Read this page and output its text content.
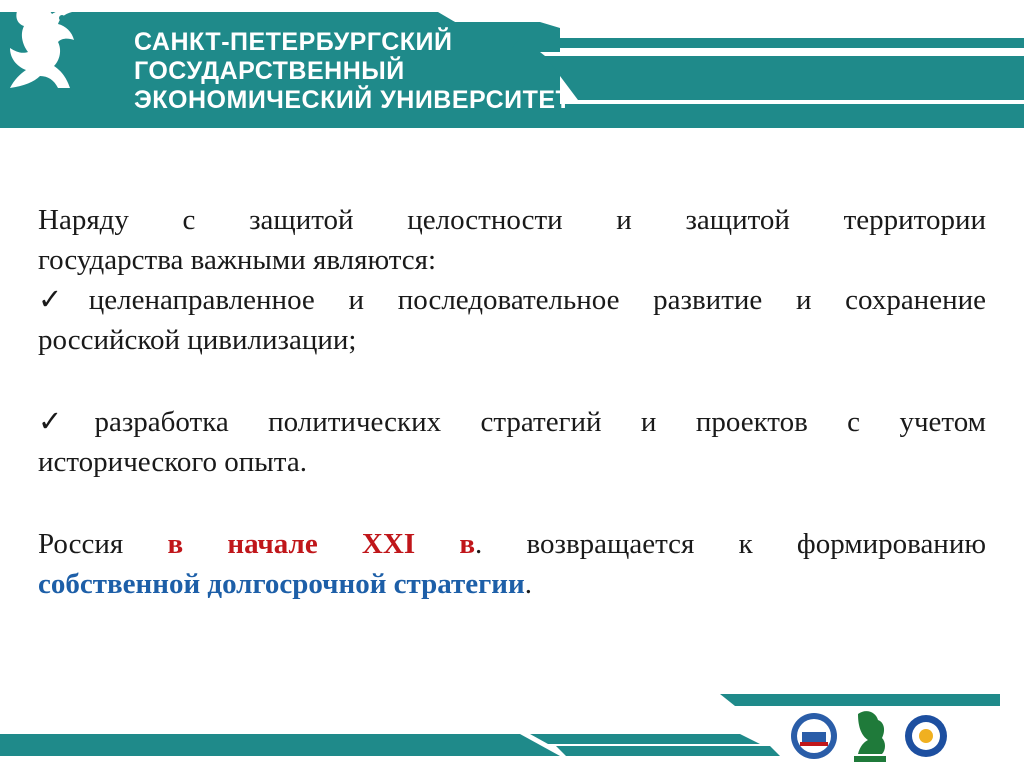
САНКТ-ПЕТЕРБУРГСКИЙ
ГОСУДАРСТВЕННЫЙ
ЭКОНОМИЧЕСКИЙ УНИВЕРСИТЕТ

Наряду с защитой целостности и защитой территории

государства важными являются:

✓целенаправленное и последовательное развитие и сохранение

российской цивилизации;

✓разработка политических стратегий и проектов с учетом

исторического опыта.

Россия в начале XXI в. возвращается к формированию

собственной долгосрочной стратегии.
